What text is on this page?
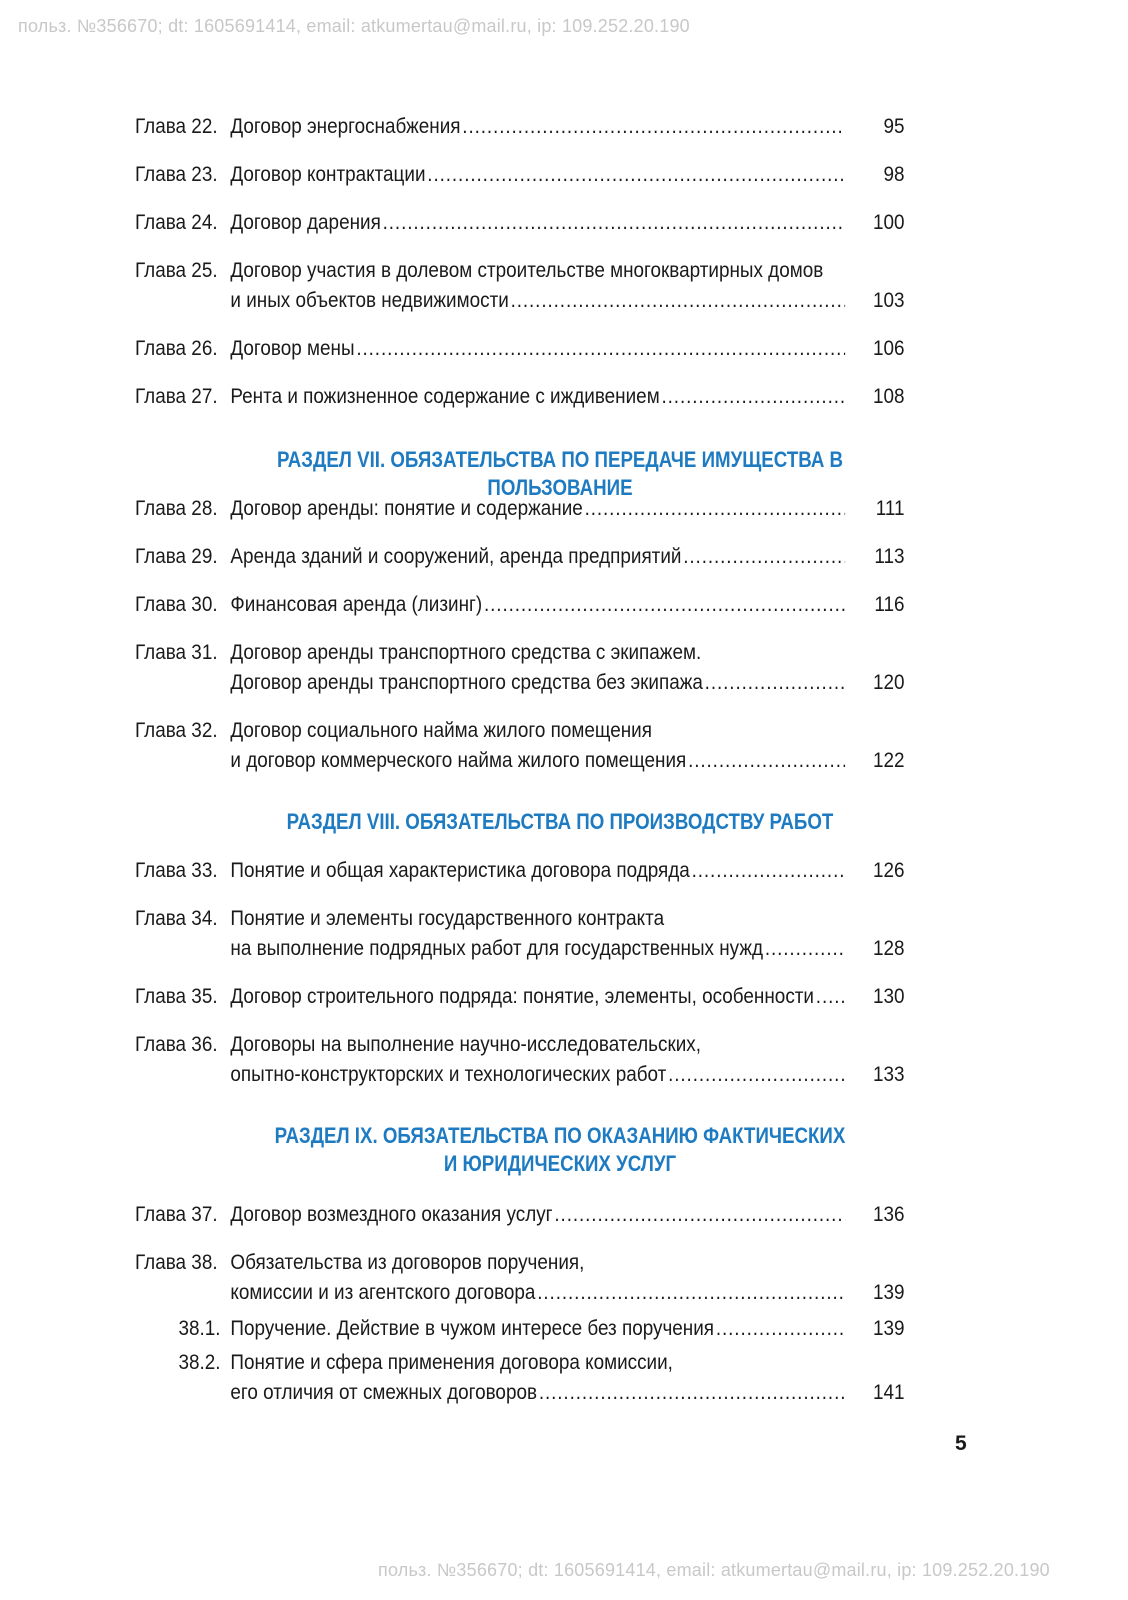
польз. №356670; dt: 1605691414, email: atkumertau@mail.ru, ip: 109.252.20.190
Глава 22. Договор энергоснабжения .....	95
Глава 23. Договор контрактации .....	98
Глава 24. Договор дарения .....	100
Глава 25. Договор участия в долевом строительстве многоквартирных домов
и иных объектов недвижимости .....	103
Глава 26. Договор мены .....	106
Глава 27. Рента и пожизненное содержание с иждивением .....	108
РАЗДЕЛ VII. ОБЯЗАТЕЛЬСТВА ПО ПЕРЕДАЧЕ ИМУЩЕСТВА В ПОЛЬЗОВАНИЕ
Глава 28. Договор аренды: понятие и содержание .....	111
Глава 29. Аренда зданий и сооружений, аренда предприятий .....	113
Глава 30. Финансовая аренда (лизинг) .....	116
Глава 31. Договор аренды транспортного средства с экипажем.
Договор аренды транспортного средства без экипажа .....	120
Глава 32. Договор социального найма жилого помещения
и договор коммерческого найма жилого помещения .....	122
РАЗДЕЛ VIII. ОБЯЗАТЕЛЬСТВА ПО ПРОИЗВОДСТВУ РАБОТ
Глава 33. Понятие и общая характеристика договора подряда .....	126
Глава 34. Понятие и элементы государственного контракта
на выполнение подрядных работ для государственных нужд .....	128
Глава 35. Договор строительного подряда: понятие, элементы, особенности .....	130
Глава 36. Договоры на выполнение научно-исследовательских,
опытно-конструкторских и технологических работ .....	133
РАЗДЕЛ IX. ОБЯЗАТЕЛЬСТВА ПО ОКАЗАНИЮ ФАКТИЧЕСКИХ
И ЮРИДИЧЕСКИХ УСЛУГ
Глава 37. Договор возмездного оказания услуг .....	136
Глава 38. Обязательства из договоров поручения,
комиссии и из агентского договора .....	139
38.1. Поручение. Действие в чужом интересе без поручения .....	139
38.2. Понятие и сфера применения договора комиссии,
его отличия от смежных договоров .....	141
5
польз. №356670; dt: 1605691414, email: atkumertau@mail.ru, ip: 109.252.20.190
